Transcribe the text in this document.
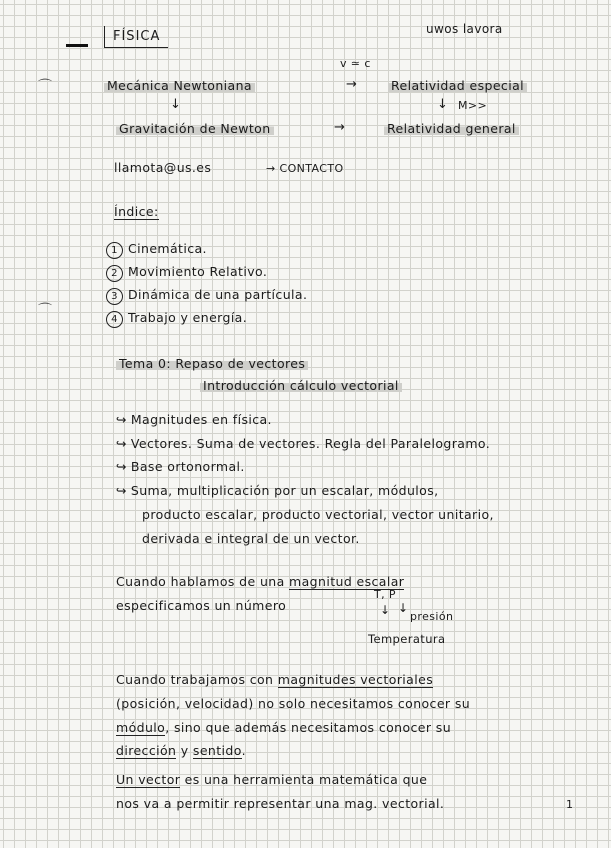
⌒
⌒
uwos lavora
FÍSICA
v ≃ c
Mecánica Newtoniana	→	Relatividad especial
↓	↓ M>>
Gravitación de Newton	→	Relatividad general
llamota@us.es	→ CONTACTO
Índice:
1 Cinemática.
2 Movimiento Relativo.
3 Dinámica de una partícula.
4 Trabajo y energía.
Tema 0: Repaso de vectores
Introducción cálculo vectorial
↪ Magnitudes en física.
↪ Vectores. Suma de vectores. Regla del Paralelogramo.
↪ Base ortonormal.
↪ Suma, multiplicación por un escalar, módulos,
producto escalar, producto vectorial, vector unitario,
derivada e integral de un vector.
Cuando hablamos de una magnitud escalar
especificamos un número
T, P
↓ ↓
presión
Temperatura
Cuando trabajamos con magnitudes vectoriales
(posición, velocidad) no solo necesitamos conocer su
módulo, sino que además necesitamos conocer su
dirección y sentido.
Un vector es una herramienta matemática que
nos va a permitir representar una mag. vectorial.	1
